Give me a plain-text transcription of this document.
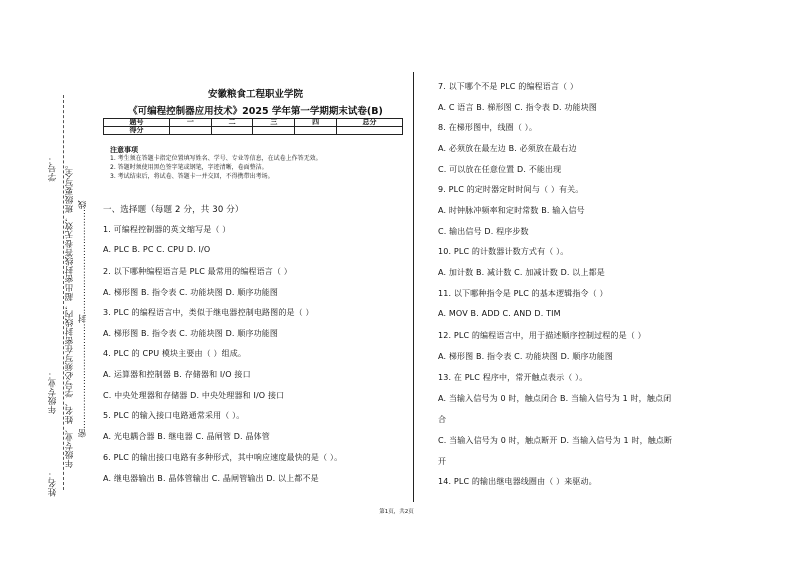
学号： 年级专业、姓名、学号必须写在密封线内，超出密封线答卷无效，班级要写全。 密………………………………封………………………………线
年级专业：
姓名：
安徽粮食工程职业学院
《可编程控制器应用技术》2025 学年第一学期期末试卷(B)
题号	一	二	三	四	总分
得分					
注意事项
1. 考生须在答题卡指定位置填写姓名、学号、专业等信息，在试卷上作答无效。
2. 答题时须使用黑色签字笔或钢笔，字迹清晰，卷面整洁。
3. 考试结束后，将试卷、答题卡一并交回，不得携带出考场。
一、选择题（每题 2 分，共 30 分）
1. 可编程控制器的英文缩写是（ ）
A. PLC B. PC C. CPU D. I/O
2. 以下哪种编程语言是 PLC 最常用的编程语言（ ）
A. 梯形图 B. 指令表 C. 功能块图 D. 顺序功能图
3. PLC 的编程语言中，类似于继电器控制电路图的是（ ）
A. 梯形图 B. 指令表 C. 功能块图 D. 顺序功能图
4. PLC 的 CPU 模块主要由（ ）组成。
A. 运算器和控制器 B. 存储器和 I/O 接口
C. 中央处理器和存储器 D. 中央处理器和 I/O 接口
5. PLC 的输入接口电路通常采用（ ）。
A. 光电耦合器 B. 继电器 C. 晶闸管 D. 晶体管
6. PLC 的输出接口电路有多种形式，其中响应速度最快的是（ ）。
A. 继电器输出 B. 晶体管输出 C. 晶闸管输出 D. 以上都不是
7. 以下哪个不是 PLC 的编程语言（ ）
A. C 语言 B. 梯形图 C. 指令表 D. 功能块图
8. 在梯形图中，线圈（ ）。
A. 必须放在最左边 B. 必须放在最右边
C. 可以放在任意位置 D. 不能出现
9. PLC 的定时器定时时间与（ ）有关。
A. 时钟脉冲频率和定时常数 B. 输入信号
C. 输出信号 D. 程序步数
10. PLC 的计数器计数方式有（ ）。
A. 加计数 B. 减计数 C. 加减计数 D. 以上都是
11. 以下哪种指令是 PLC 的基本逻辑指令（ ）
A. MOV B. ADD C. AND D. TIM
12. PLC 的编程语言中，用于描述顺序控制过程的是（ ）
A. 梯形图 B. 指令表 C. 功能块图 D. 顺序功能图
13. 在 PLC 程序中，常开触点表示（ ）。
A. 当输入信号为 0 时，触点闭合 B. 当输入信号为 1 时，触点闭
合
C. 当输入信号为 0 时，触点断开 D. 当输入信号为 1 时，触点断
开
14. PLC 的输出继电器线圈由（ ）来驱动。
第1页，共2页
